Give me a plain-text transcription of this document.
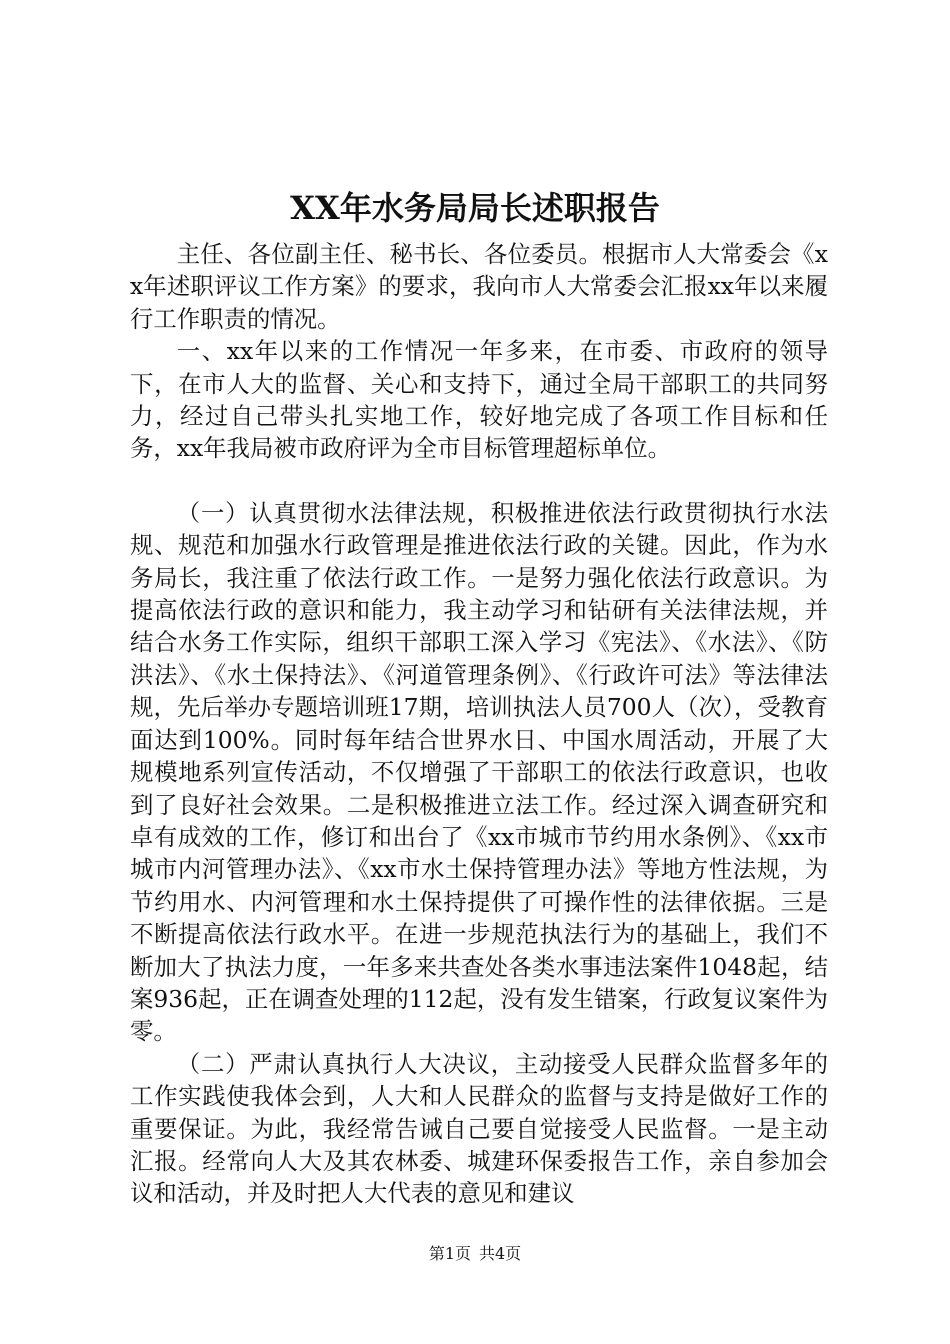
XX年水务局局长述职报告

主任、各位副主任、秘书长、各位委员。根据市人大常委会《xx年述职评议工作方案》的要求，我向市人大常委会汇报xx年以来履行工作职责的情况。

一、xx年以来的工作情况一年多来，在市委、市政府的领导下，在市人大的监督、关心和支持下，通过全局干部职工的共同努力，经过自己带头扎实地工作，较好地完成了各项工作目标和任务，xx年我局被市政府评为全市目标管理超标单位。

（一）认真贯彻水法律法规，积极推进依法行政贯彻执行水法规、规范和加强水行政管理是推进依法行政的关键。因此，作为水务局长，我注重了依法行政工作。一是努力强化依法行政意识。为提高依法行政的意识和能力，我主动学习和钻研有关法律法规，并结合水务工作实际，组织干部职工深入学习《宪法》、《水法》、《防洪法》、《水土保持法》、《河道管理条例》、《行政许可法》等法律法规，先后举办专题培训班17期，培训执法人员700人（次），受教育面达到100%。同时每年结合世界水日、中国水周活动，开展了大规模地系列宣传活动，不仅增强了干部职工的依法行政意识，也收到了良好社会效果。二是积极推进立法工作。经过深入调查研究和卓有成效的工作，修订和出台了《xx市城市节约用水条例》、《xx市城市内河管理办法》、《xx市水土保持管理办法》等地方性法规，为节约用水、内河管理和水土保持提供了可操作性的法律依据。三是不断提高依法行政水平。在进一步规范执法行为的基础上，我们不断加大了执法力度，一年多来共查处各类水事违法案件1048起，结案936起，正在调查处理的112起，没有发生错案，行政复议案件为零。

（二）严肃认真执行人大决议，主动接受人民群众监督多年的工作实践使我体会到，人大和人民群众的监督与支持是做好工作的重要保证。为此，我经常告诫自己要自觉接受人民监督。一是主动汇报。经常向人大及其农林委、城建环保委报告工作，亲自参加会议和活动，并及时把人大代表的意见和建议

第1页 共4页
